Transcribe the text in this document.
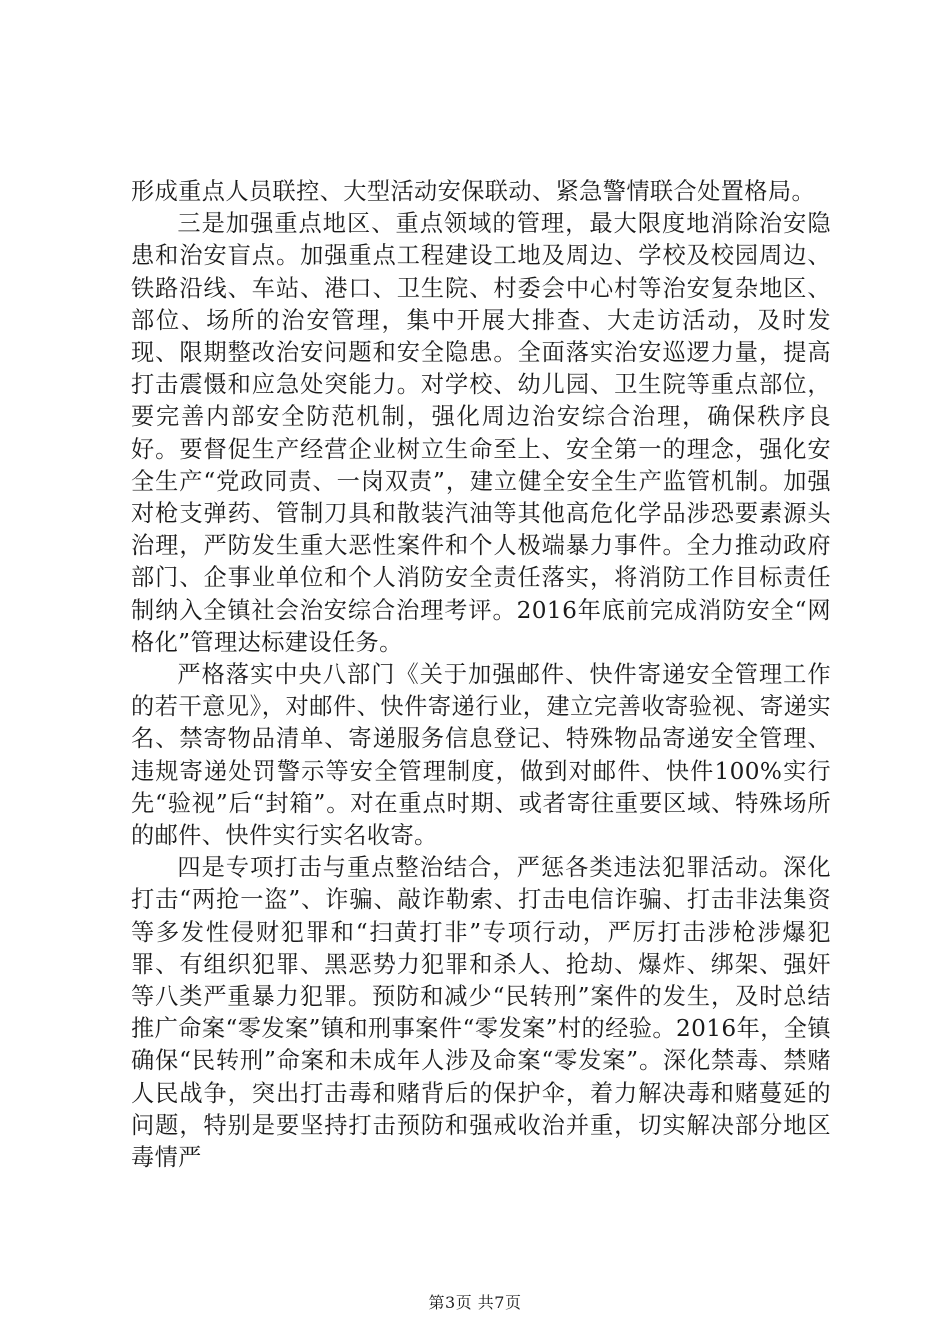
形成重点人员联控、大型活动安保联动、紧急警情联合处置格局。

三是加强重点地区、重点领域的管理，最大限度地消除治安隐患和治安盲点。加强重点工程建设工地及周边、学校及校园周边、铁路沿线、车站、港口、卫生院、村委会中心村等治安复杂地区、部位、场所的治安管理，集中开展大排查、大走访活动，及时发现、限期整改治安问题和安全隐患。全面落实治安巡逻力量，提高打击震慑和应急处突能力。对学校、幼儿园、卫生院等重点部位，要完善内部安全防范机制，强化周边治安综合治理，确保秩序良好。要督促生产经营企业树立生命至上、安全第一的理念，强化安全生产“党政同责、一岗双责”，建立健全安全生产监管机制。加强对枪支弹药、管制刀具和散装汽油等其他高危化学品涉恐要素源头治理，严防发生重大恶性案件和个人极端暴力事件。全力推动政府部门、企事业单位和个人消防安全责任落实，将消防工作目标责任制纳入全镇社会治安综合治理考评。2016年底前完成消防安全“网格化”管理达标建设任务。

严格落实中央八部门《关于加强邮件、快件寄递安全管理工作的若干意见》，对邮件、快件寄递行业，建立完善收寄验视、寄递实名、禁寄物品清单、寄递服务信息登记、特殊物品寄递安全管理、违规寄递处罚警示等安全管理制度，做到对邮件、快件100%实行先“验视”后“封箱”。对在重点时期、或者寄往重要区域、特殊场所的邮件、快件实行实名收寄。

四是专项打击与重点整治结合，严惩各类违法犯罪活动。深化打击“两抢一盗”、诈骗、敲诈勒索、打击电信诈骗、打击非法集资等多发性侵财犯罪和“扫黄打非”专项行动，严厉打击涉枪涉爆犯罪、有组织犯罪、黑恶势力犯罪和杀人、抢劫、爆炸、绑架、强奸等八类严重暴力犯罪。预防和减少“民转刑”案件的发生，及时总结推广命案“零发案”镇和刑事案件“零发案”村的经验。2016年，全镇确保“民转刑”命案和未成年人涉及命案“零发案”。深化禁毒、禁赌人民战争，突出打击毒和赌背后的保护伞，着力解决毒和赌蔓延的问题，特别是要坚持打击预防和强戒收治并重，切实解决部分地区毒情严

第3页 共7页
